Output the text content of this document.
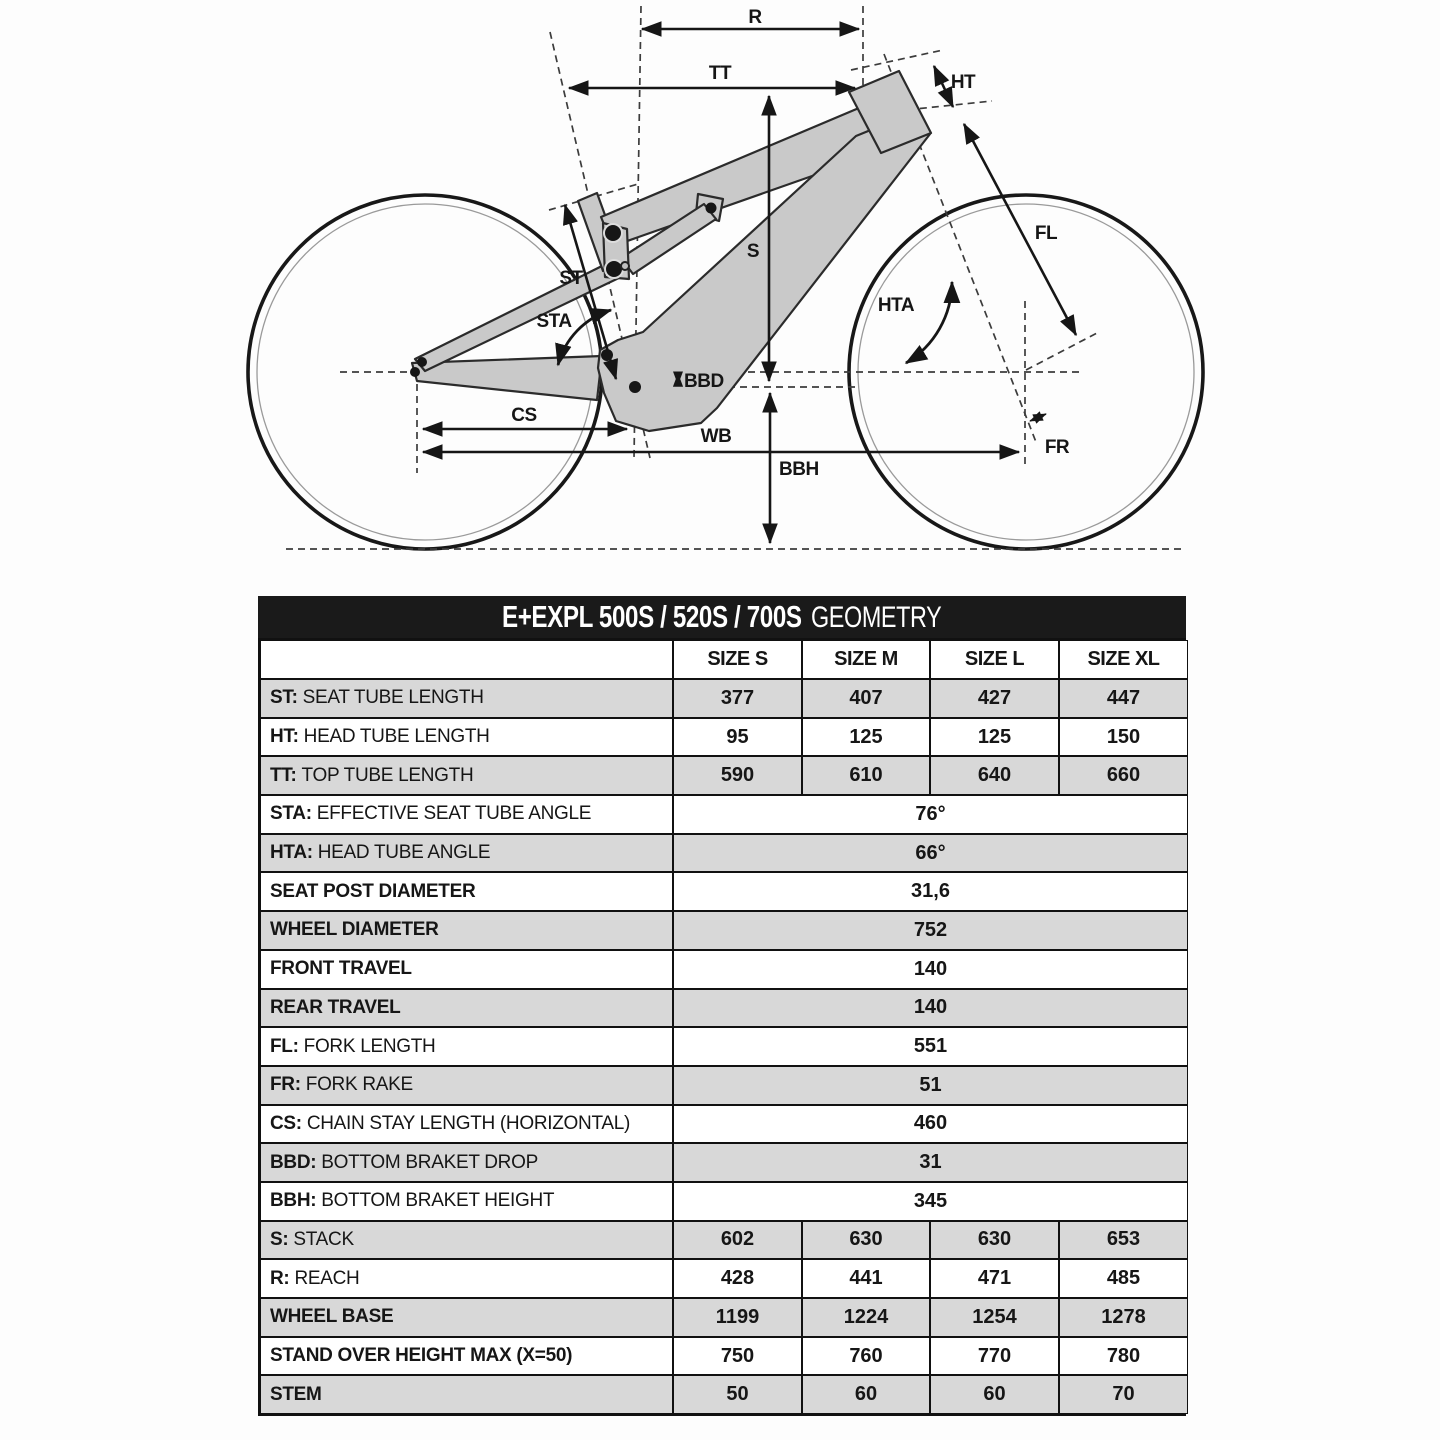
R
TT	HT
ST
STA
S
HTA
FL
BBD
CS
WB
BBH
FR
E+EXPL 500S / 520S / 700S GEOMETRY
SIZE S	SIZE M	SIZE L	SIZE XL
ST: SEAT TUBE LENGTH	377	407	427	447
HT: HEAD TUBE LENGTH	95	125	125	150
TT: TOP TUBE LENGTH	590	610	640	660
STA: EFFECTIVE SEAT TUBE ANGLE	76°
HTA: HEAD TUBE ANGLE	66°
SEAT POST DIAMETER	31,6
WHEEL DIAMETER	752
FRONT TRAVEL	140
REAR TRAVEL	140
FL: FORK LENGTH	551
FR: FORK RAKE	51
CS: CHAIN STAY LENGTH (HORIZONTAL)	460
BBD: BOTTOM BRAKET DROP	31
BBH: BOTTOM BRAKET HEIGHT	345
S: STACK	602	630	630	653
R: REACH	428	441	471	485
WHEEL BASE	1199	1224	1254	1278
STAND OVER HEIGHT MAX (X=50)	750	760	770	780
STEM	50	60	60	70
